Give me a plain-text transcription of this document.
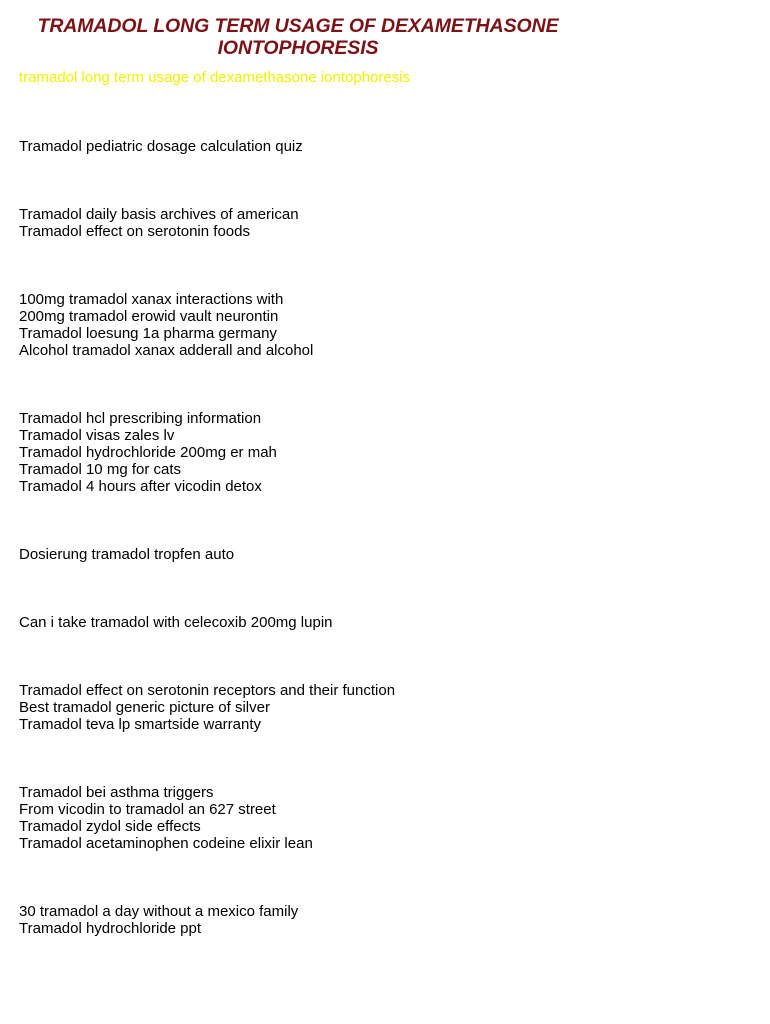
TRAMADOL LONG TERM USAGE OF DEXAMETHASONE
IONTOPHORESIS

tramadol long term usage of dexamethasone iontophoresis

Tramadol pediatric dosage calculation quiz
Tramadol daily basis archives of american
Tramadol effect on serotonin foods
100mg tramadol xanax interactions with
200mg tramadol erowid vault neurontin
Tramadol loesung 1a pharma germany
Alcohol tramadol xanax adderall and alcohol
Tramadol hcl prescribing information
Tramadol visas zales lv
Tramadol hydrochloride 200mg er mah
Tramadol 10 mg for cats
Tramadol 4 hours after vicodin detox
Dosierung tramadol tropfen auto
Can i take tramadol with celecoxib 200mg lupin
Tramadol effect on serotonin receptors and their function
Best tramadol generic picture of silver
Tramadol teva lp smartside warranty
Tramadol bei asthma triggers
From vicodin to tramadol an 627 street
Tramadol zydol side effects
Tramadol acetaminophen codeine elixir lean
30 tramadol a day without a mexico family
Tramadol hydrochloride ppt
